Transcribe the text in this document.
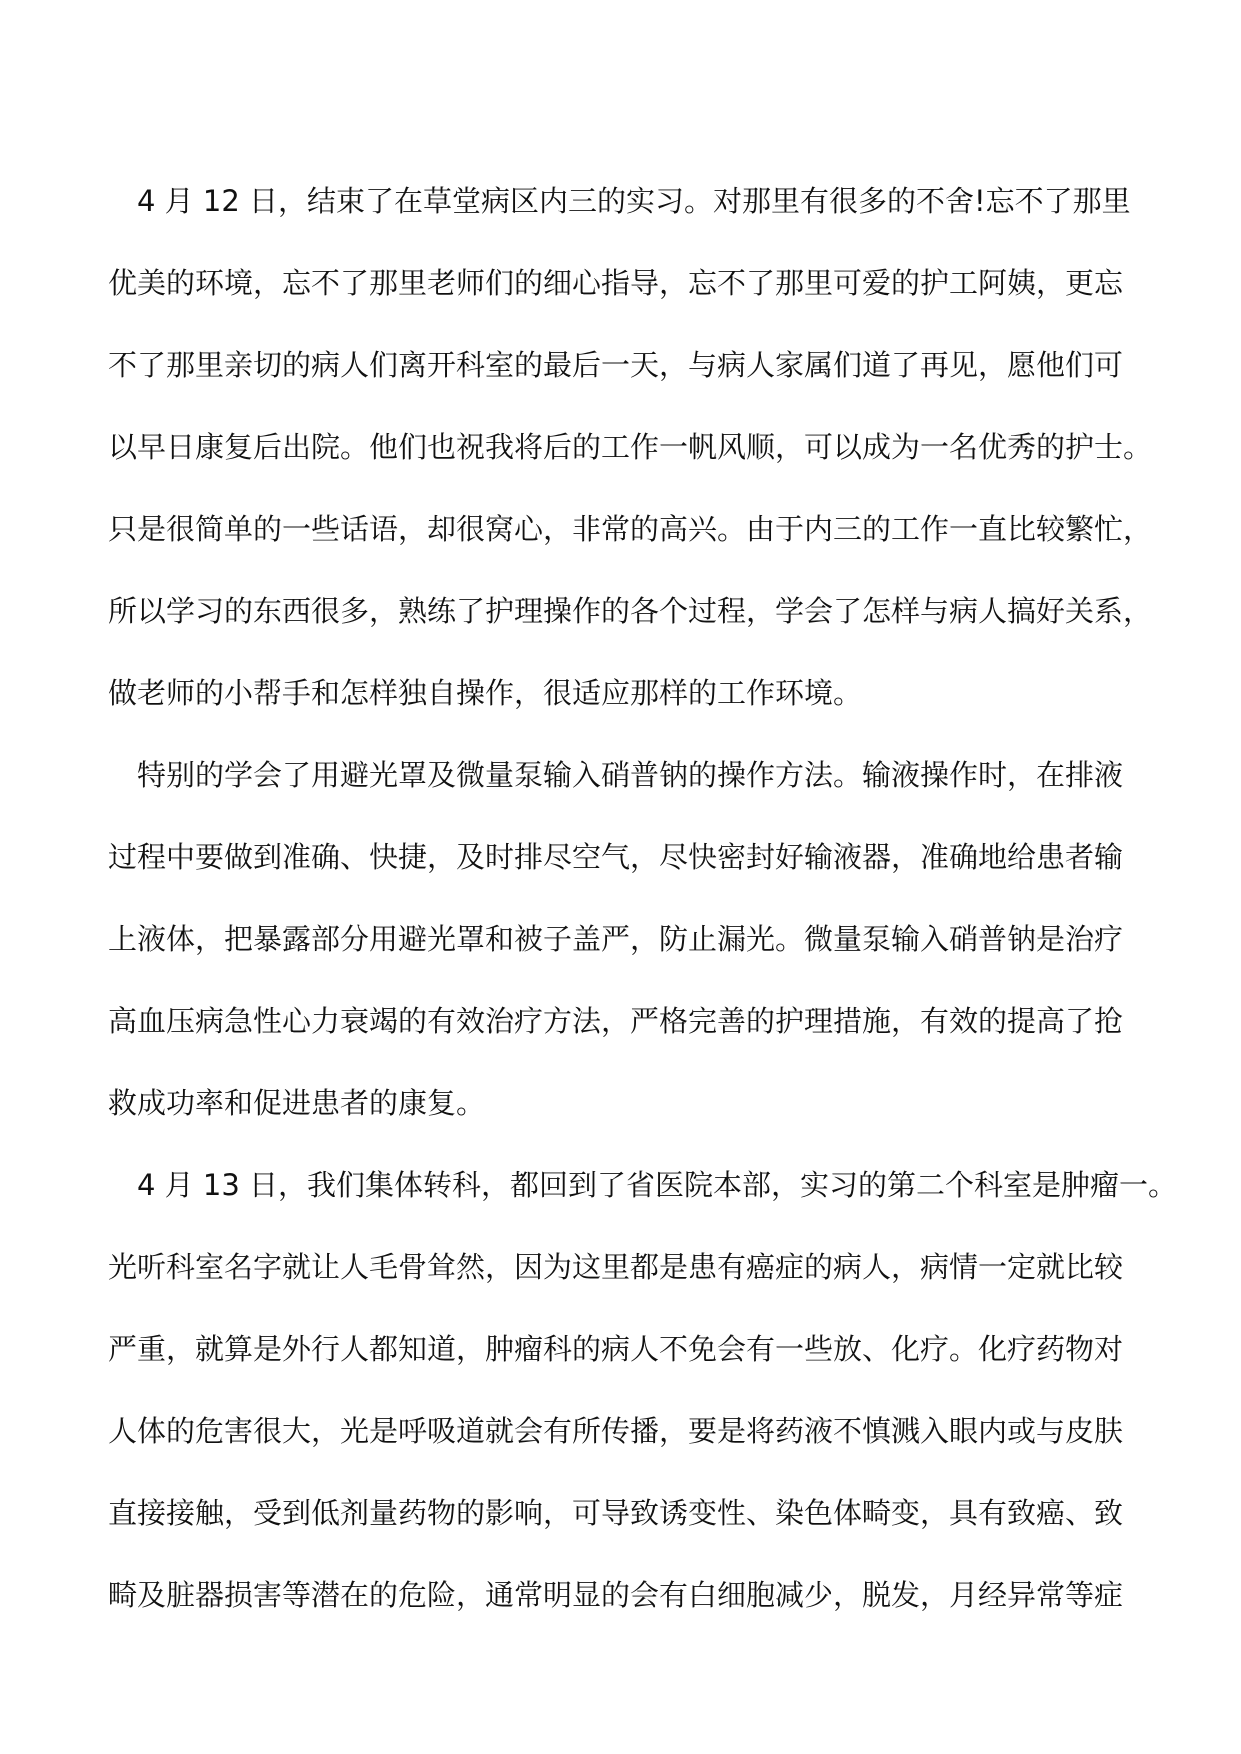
4 月 12 日，结束了在草堂病区内三的实习。对那里有很多的不舍!忘不了那里
优美的环境，忘不了那里老师们的细心指导，忘不了那里可爱的护工阿姨，更忘
不了那里亲切的病人们离开科室的最后一天，与病人家属们道了再见，愿他们可
以早日康复后出院。他们也祝我将后的工作一帆风顺，可以成为一名优秀的护士。
只是很简单的一些话语，却很窝心，非常的高兴。由于内三的工作一直比较繁忙，
所以学习的东西很多，熟练了护理操作的各个过程，学会了怎样与病人搞好关系，
做老师的小帮手和怎样独自操作，很适应那样的工作环境。
特别的学会了用避光罩及微量泵输入硝普钠的操作方法。输液操作时，在排液
过程中要做到准确、快捷，及时排尽空气，尽快密封好输液器，准确地给患者输
上液体，把暴露部分用避光罩和被子盖严，防止漏光。微量泵输入硝普钠是治疗
高血压病急性心力衰竭的有效治疗方法，严格完善的护理措施，有效的提高了抢
救成功率和促进患者的康复。
4 月 13 日，我们集体转科，都回到了省医院本部，实习的第二个科室是肿瘤一。
光听科室名字就让人毛骨耸然，因为这里都是患有癌症的病人，病情一定就比较
严重，就算是外行人都知道，肿瘤科的病人不免会有一些放、化疗。化疗药物对
人体的危害很大，光是呼吸道就会有所传播，要是将药液不慎溅入眼内或与皮肤
直接接触，受到低剂量药物的影响，可导致诱变性、染色体畸变，具有致癌、致
畸及脏器损害等潜在的危险，通常明显的会有白细胞减少，脱发，月经异常等症
